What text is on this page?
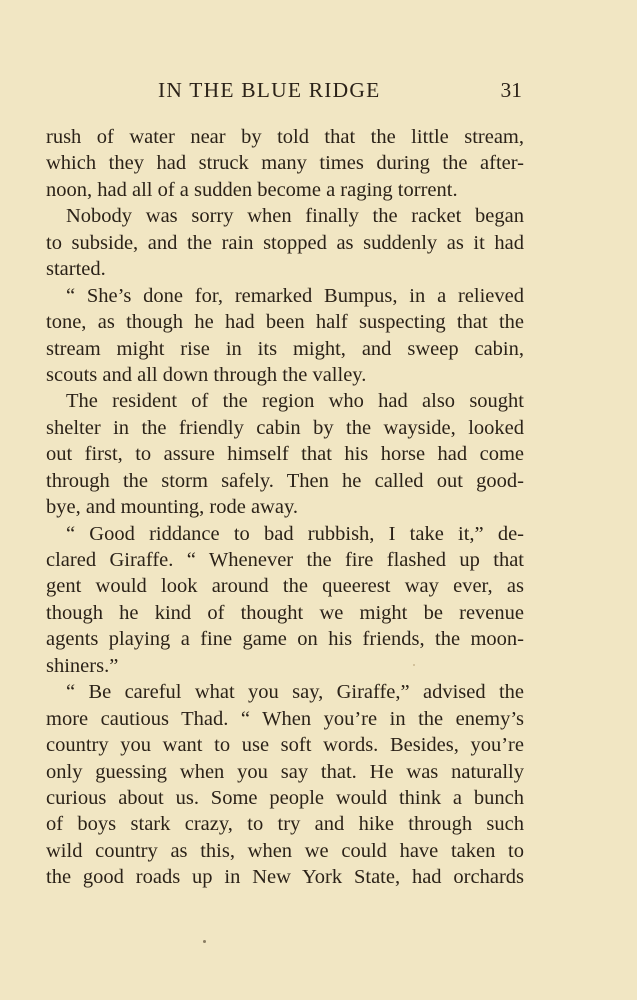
IN THE BLUE RIDGE	31
rush of water near by told that the little stream,
which they had struck many times during the after-
noon, had all of a sudden become a raging torrent.
Nobody was sorry when finally the racket began
to subside, and the rain stopped as suddenly as it had
started.
“ She’s done for, remarked Bumpus, in a relieved
tone, as though he had been half suspecting that the
stream might rise in its might, and sweep cabin,
scouts and all down through the valley.
The resident of the region who had also sought
shelter in the friendly cabin by the wayside, looked
out first, to assure himself that his horse had come
through the storm safely. Then he called out good-
bye, and mounting, rode away.
“ Good riddance to bad rubbish, I take it,” de-
clared Giraffe. “ Whenever the fire flashed up that
gent would look around the queerest way ever, as
though he kind of thought we might be revenue
agents playing a fine game on his friends, the moon-
shiners.”
“ Be careful what you say, Giraffe,” advised the
more cautious Thad. “ When you’re in the enemy’s
country you want to use soft words. Besides, you’re
only guessing when you say that. He was naturally
curious about us. Some people would think a bunch
of boys stark crazy, to try and hike through such
wild country as this, when we could have taken to
the good roads up in New York State, had orchards
